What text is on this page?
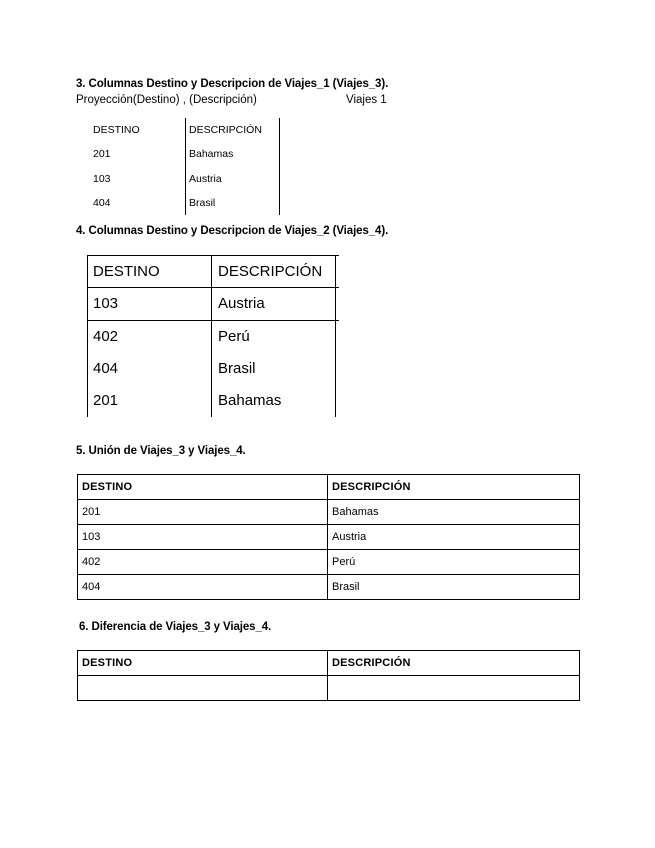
3. Columnas Destino y Descripcion de Viajes_1 (Viajes_3).
Proyección(Destino) , (Descripción)	Viajes 1
DESTINO	DESCRIPCIÓN
201	Bahamas
103	Austria
404	Brasil
4. Columnas Destino y Descripcion de Viajes_2 (Viajes_4).
DESTINO	DESCRIPCIÓN
103	Austria
402	Perú
404	Brasil
201	Bahamas
5. Unión de Viajes_3 y Viajes_4.
DESTINO	DESCRIPCIÓN
201	Bahamas
103	Austria
402	Perú
404	Brasil
6. Diferencia de Viajes_3 y Viajes_4.
DESTINO	DESCRIPCIÓN
